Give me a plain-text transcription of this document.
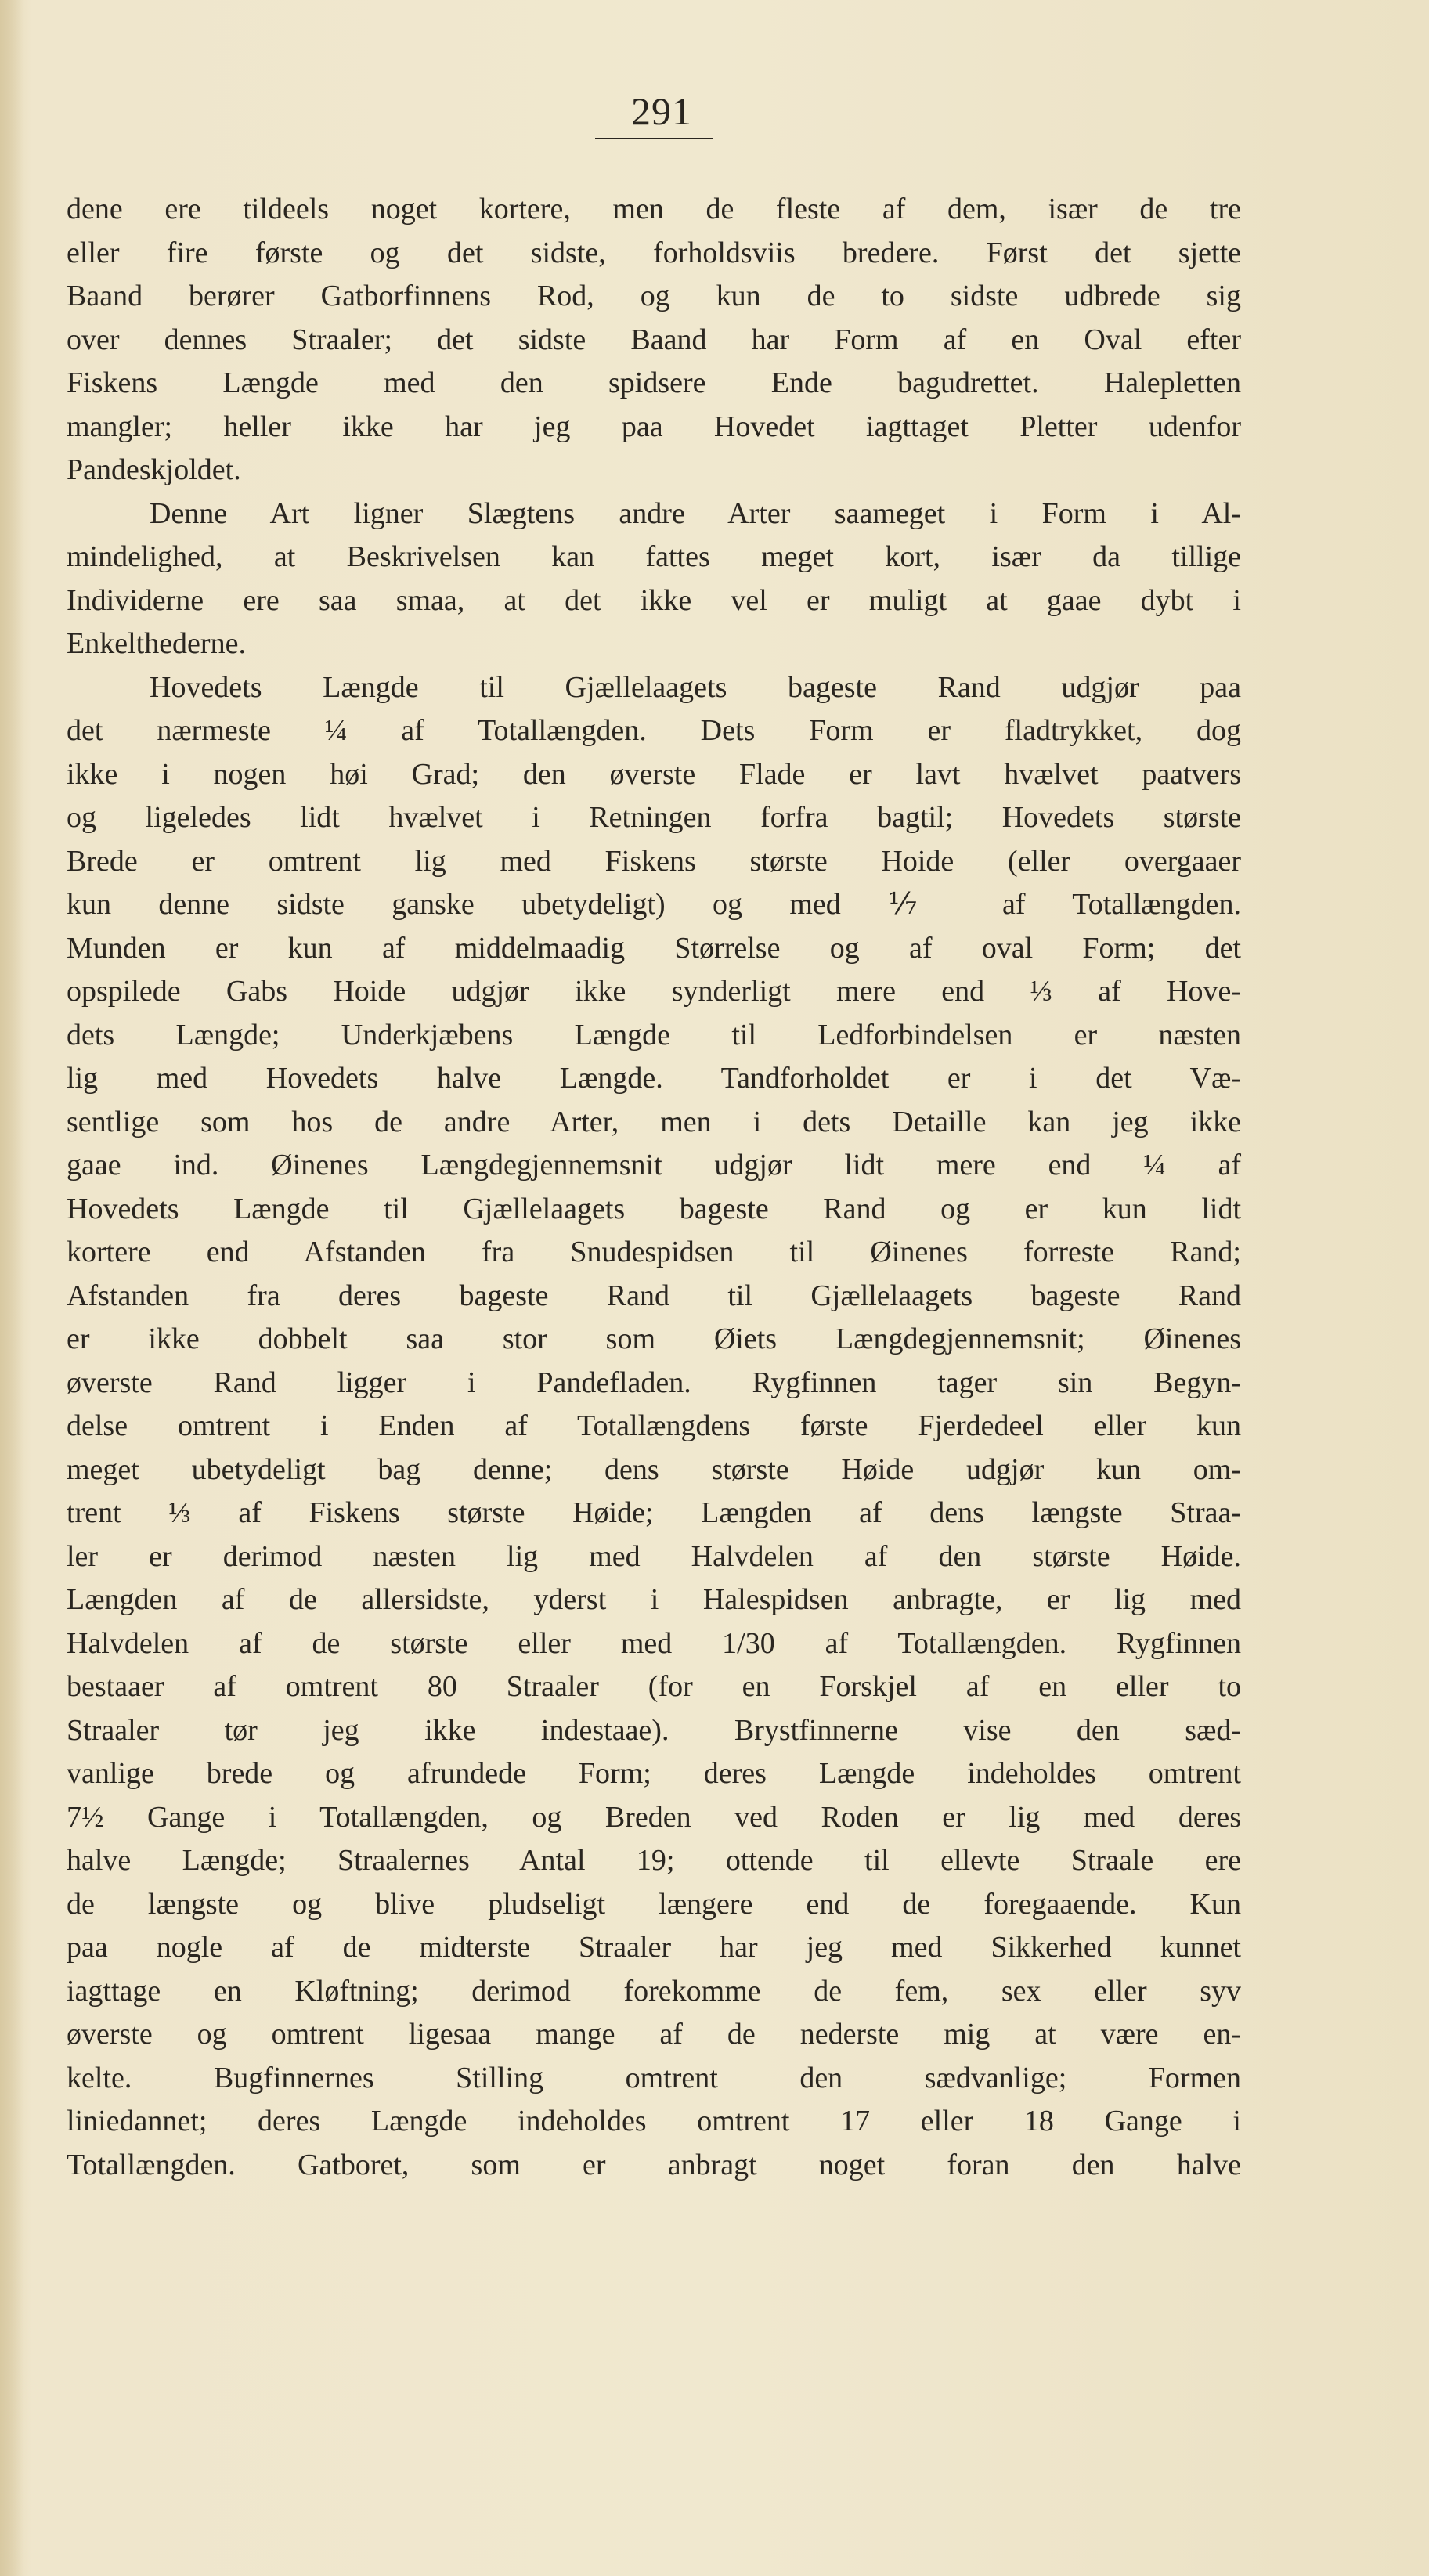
291
dene ere tildeels noget kortere, men de fleste af dem, især de tre
eller fire første og det sidste, forholdsviis bredere. Først det sjette
Baand berører Gatborfinnens Rod, og kun de to sidste udbrede sig
over dennes Straaler; det sidste Baand har Form af en Oval efter
Fiskens Længde med den spidsere Ende bagudrettet. Halepletten
mangler; heller ikke har jeg paa Hovedet iagttaget Pletter udenfor
Pandeskjoldet.
Denne Art ligner Slægtens andre Arter saameget i Form i Al-
mindelighed, at Beskrivelsen kan fattes meget kort, især da tillige
Individerne ere saa smaa, at det ikke vel er muligt at gaae dybt i
Enkelthederne.
Hovedets Længde til Gjællelaagets bageste Rand udgjør paa
det nærmeste ¼ af Totallængden. Dets Form er fladtrykket, dog
ikke i nogen høi Grad; den øverste Flade er lavt hvælvet paatvers
og ligeledes lidt hvælvet i Retningen forfra bagtil; Hovedets største
Brede er omtrent lig med Fiskens største Hoide (eller overgaaer
kun denne sidste ganske ubetydeligt) og med ⅐ af Totallængden.
Munden er kun af middelmaadig Størrelse og af oval Form; det
opspilede Gabs Hoide udgjør ikke synderligt mere end ⅓ af Hove-
dets Længde; Underkjæbens Længde til Ledforbindelsen er næsten
lig med Hovedets halve Længde. Tandforholdet er i det Væ-
sentlige som hos de andre Arter, men i dets Detaille kan jeg ikke
gaae ind. Øinenes Længdegjennemsnit udgjør lidt mere end ¼ af
Hovedets Længde til Gjællelaagets bageste Rand og er kun lidt
kortere end Afstanden fra Snudespidsen til Øinenes forreste Rand;
Afstanden fra deres bageste Rand til Gjællelaagets bageste Rand
er ikke dobbelt saa stor som Øiets Længdegjennemsnit; Øinenes
øverste Rand ligger i Pandefladen. Rygfinnen tager sin Begyn-
delse omtrent i Enden af Totallængdens første Fjerdedeel eller kun
meget ubetydeligt bag denne; dens største Høide udgjør kun om-
trent ⅓ af Fiskens største Høide; Længden af dens længste Straa-
ler er derimod næsten lig med Halvdelen af den største Høide.
Længden af de allersidste, yderst i Halespidsen anbragte, er lig med
Halvdelen af de største eller med 1/30 af Totallængden. Rygfinnen
bestaaer af omtrent 80 Straaler (for en Forskjel af en eller to
Straaler tør jeg ikke indestaae). Brystfinnerne vise den sæd-
vanlige brede og afrundede Form; deres Længde indeholdes omtrent
7½ Gange i Totallængden, og Breden ved Roden er lig med deres
halve Længde; Straalernes Antal 19; ottende til ellevte Straale ere
de længste og blive pludseligt længere end de foregaaende. Kun
paa nogle af de midterste Straaler har jeg med Sikkerhed kunnet
iagttage en Kløftning; derimod forekomme de fem, sex eller syv
øverste og omtrent ligesaa mange af de nederste mig at være en-
kelte. Bugfinnernes Stilling omtrent den sædvanlige; Formen
liniedannet; deres Længde indeholdes omtrent 17 eller 18 Gange i
Totallængden. Gatboret, som er anbragt noget foran den halve
